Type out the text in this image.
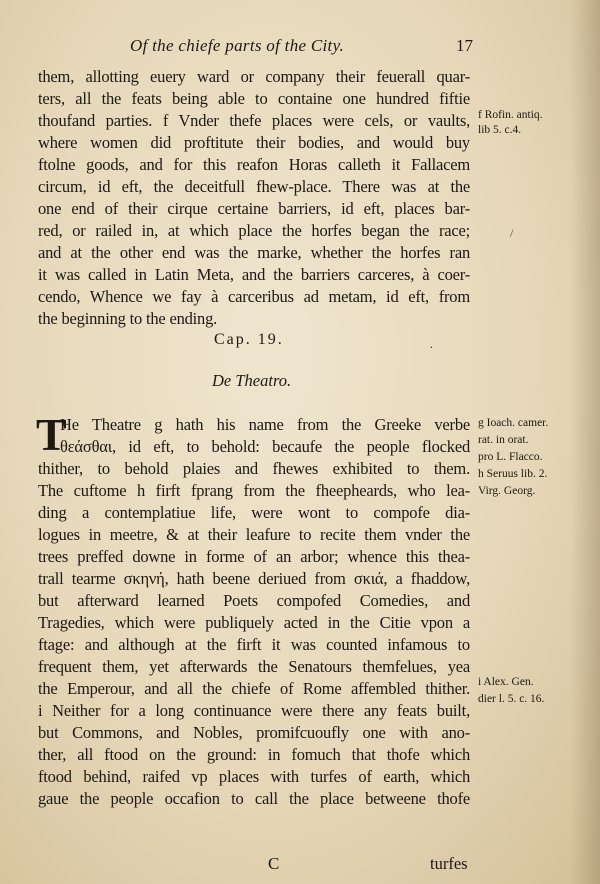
Of the chiefe parts of the City.	17
them, allotting euery ward or company their feuerall quar-
ters, all the feats being able to containe one hundred fiftie
thoufand parties. f Vnder thefe places were cels, or vaults,
where women did proftitute their bodies, and would buy
ftolne goods, and for this reafon Horas calleth it Fallacem
circum, id eft, the deceitfull fhew-place. There was at the
one end of their cirque certaine barriers, id eft, places bar-
red, or railed in, at which place the horfes began the race;
and at the other end was the marke, whether the horfes ran
it was called in Latin Meta, and the barriers carceres, à coer-
cendo, Whence we fay à carceribus ad metam, id eft, from
the beginning to the ending.
/
Cap. 19.	.
De Theatro.
T
He Theatre g hath his name from the Greeke verbe
θεάσθαι, id eft, to behold: becaufe the people flocked
thither, to behold plaies and fhewes exhibited to them.
The cuftome h firft fprang from the fheepheards, who lea-
ding a contemplatiue life, were wont to compofe dia-
logues in meetre, & at their leafure to recite them vnder the
trees preffed downe in forme of an arbor; whence this thea-
trall tearme σκηνή, hath beene deriued from σκιά, a fhaddow,
but afterward learned Poets compofed Comedies, and
Tragedies, which were publiquely acted in the Citie vpon a
ftage: and although at the firft it was counted infamous to
frequent them, yet afterwards the Senatours themfelues, yea
the Emperour, and all the chiefe of Rome affembled thither.
i Neither for a long continuance were there any feats built,
but Commons, and Nobles, promifcuoufly one with ano-
ther, all ftood on the ground: in fomuch that thofe which
ftood behind, raifed vp places with turfes of earth, which
gaue the people occafion to call the place betweene thofe
f Rofin. antiq.
lib 5. c.4.
g Ioach. camer.
rat. in orat.
pro L. Flacco.
h Seruus lib. 2.
Virg. Georg.
i Alex. Gen.
dier l. 5. c. 16.
C	turfes
